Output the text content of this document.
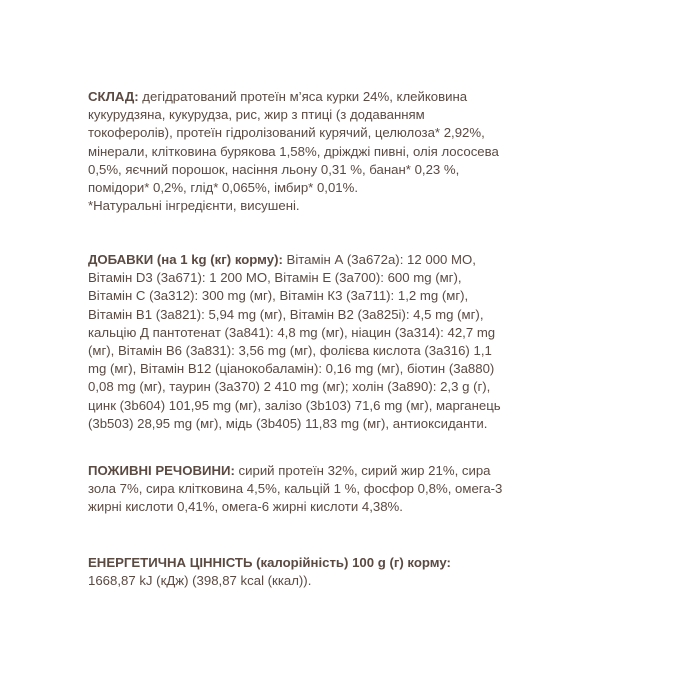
СКЛАД: дегідратований протеїн м’яса курки 24%, клейковина
кукурудзяна, кукурудза, рис, жир з птиці (з додаванням
токоферолів), протеїн гідролізований курячий, целюлоза* 2,92%,
мінерали, клітковина бурякова 1,58%, дріжджі пивні, олія лососева
0,5%, яєчний порошок, насіння льону 0,31 %, банан* 0,23 %,
помідори* 0,2%, глід* 0,065%, імбир* 0,01%.
*Натуральні інгредієнти, висушені.
ДОБАВКИ (на 1 kg (кг) корму): Вітамін А (3а672а): 12 000 МО,
Вітамін D3 (3а671): 1 200 МО, Вітамін Е (3а700): 600 mg (мг),
Вітамін С (3а312): 300 mg (мг), Вітамін К3 (3а711): 1,2 mg (мг),
Вітамін В1 (3а821): 5,94 mg (мг), Вітамін В2 (3а825і): 4,5 mg (мг),
кальцію Д пантотенат (3а841): 4,8 mg (мг), ніацин (3а314): 42,7 mg
(мг), Вітамін В6 (3а831): 3,56 mg (мг), фолієва кислота (3а316) 1,1
mg (мг), Вітамін В12 (ціанокобаламін): 0,16 mg (мг), біотин (3а880)
0,08 mg (мг), таурин (3а370) 2 410 mg (мг); холін (3а890): 2,3 g (г),
цинк (3b604) 101,95 mg (мг), залізо (3b103) 71,6 mg (мг), марганець
(3b503) 28,95 mg (мг), мідь (3b405) 11,83 mg (мг), антиоксиданти.
ПОЖИВНІ РЕЧОВИНИ: сирий протеїн 32%, сирий жир 21%, сира
зола 7%, сира клітковина 4,5%, кальцій 1 %, фосфор 0,8%, омега-3
жирні кислоти 0,41%, омега-6 жирні кислоти 4,38%.
ЕНЕРГЕТИЧНА ЦІННІСТЬ (калорійність) 100 g (г) корму:
1668,87 kJ (кДж) (398,87 kcal (ккал)).
